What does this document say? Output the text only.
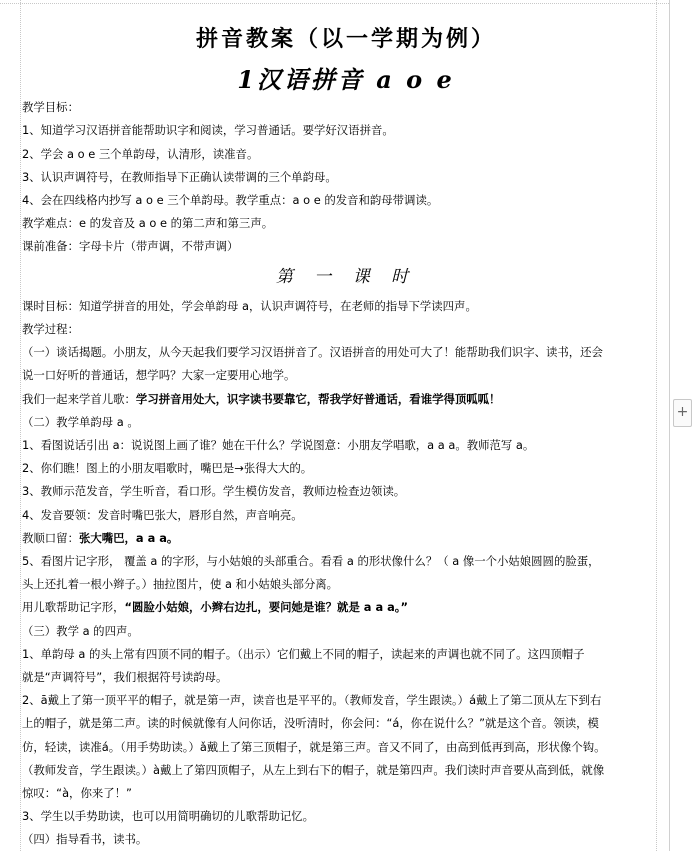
拼音教案（以一学期为例）
1汉语拼音 a o e
教学目标：
1、知道学习汉语拼音能帮助识字和阅读，学习普通话。要学好汉语拼音。
2、学会 a o e 三个单韵母，认清形，读准音。
3、认识声调符号，在教师指导下正确认读带调的三个单韵母。
4、会在四线格内抄写 a o e 三个单韵母。教学重点：a o e 的发音和韵母带调读。
教学难点：e 的发音及 a o e 的第二声和第三声。
课前准备：字母卡片（带声调，不带声调）
第 一 课 时
课时目标：知道学拼音的用处，学会单韵母 a，认识声调符号，在老师的指导下学读四声。
教学过程：
（一）谈话揭题。小朋友，从今天起我们要学习汉语拼音了。汉语拼音的用处可大了！能帮助我们识字、读书，还会
说一口好听的普通话，想学吗？大家一定要用心地学。
我们一起来学首儿歌：学习拼音用处大，识字读书要靠它，帮我学好普通话，看谁学得顶呱呱！
（二）教学单韵母 a 。
1、看图说话引出 a：说说图上画了谁？她在干什么？学说图意：小朋友学唱歌，a a a。教师范写 a。
2、你们瞧！图上的小朋友唱歌时，嘴巴是→张得大大的。
3、教师示范发音，学生听音，看口形。学生模仿发音，教师边检查边领读。
4、发音要领：发音时嘴巴张大，唇形自然，声音响亮。
教顺口留：张大嘴巴，a a a。
5、看图片记字形， 覆盖 a 的字形，与小姑娘的头部重合。看看 a 的形状像什么？（ a 像一个小姑娘圆圆的脸蛋，
头上还扎着一根小辫子。）抽拉图片，使 a 和小姑娘头部分离。
用儿歌帮助记字形，“圆脸小姑娘，小辫右边扎，要问她是谁？就是 a a a。”
（三）教学 a 的四声。
1、单韵母 a 的头上常有四顶不同的帽子。（出示）它们戴上不同的帽子，读起来的声调也就不同了。这四顶帽子
就是“声调符号”，我们根据符号读韵母。
2、ā戴上了第一顶平平的帽子，就是第一声，读音也是平平的。（教师发音，学生跟读。）á戴上了第二顶从左下到右
上的帽子，就是第二声。读的时候就像有人问你话，没听清时，你会问：“á，你在说什么？”就是这个音。领读，模
仿，轻读，读准á。（用手势助读。）ǎ戴上了第三顶帽子，就是第三声。音又不同了，由高到低再到高，形状像个钩。
（教师发音，学生跟读。）à戴上了第四顶帽子，从左上到右下的帽子，就是第四声。我们读时声音要从高到低，就像
惊叹：“à，你来了！”
3、学生以手势助读，也可以用简明确切的儿歌帮助记忆。
（四）指导看书，读书。
+
